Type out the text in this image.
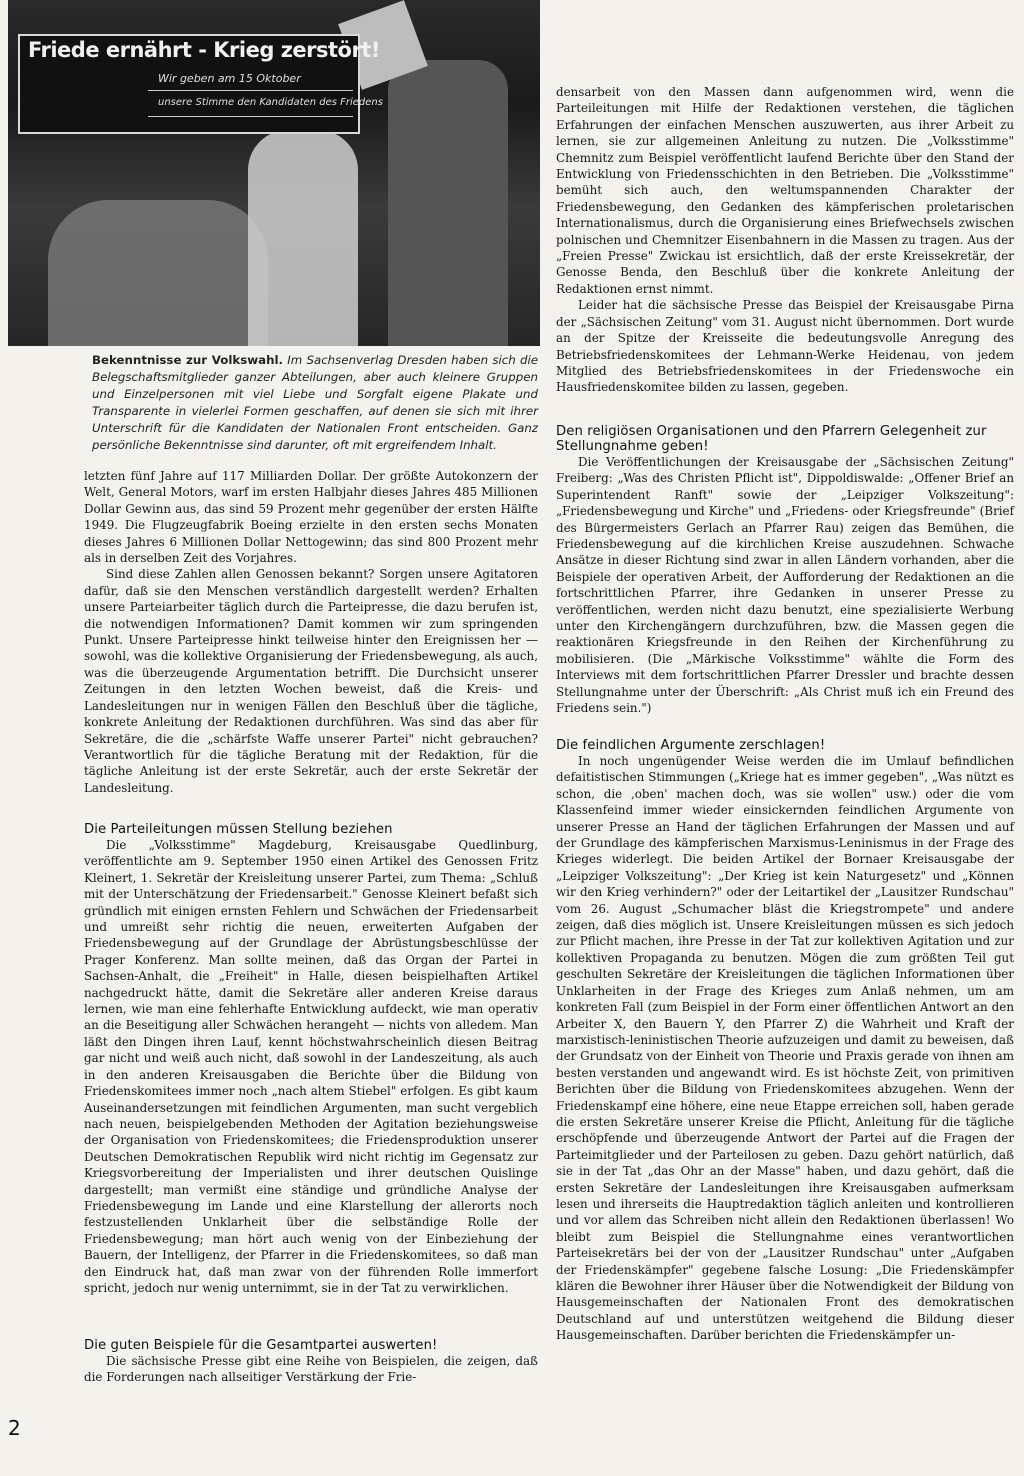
Friede ernährt - Krieg zerstört!
Wir geben am 15 Oktober
unsere Stimme den Kandidaten des Friedens
Bekenntnisse zur Volkswahl. Im Sachsenverlag Dresden haben sich die Belegschaftsmitglieder ganzer Abteilungen, aber auch kleinere Gruppen und Einzelpersonen mit viel Liebe und Sorgfalt eigene Plakate und Transparente in vielerlei Formen geschaffen, auf denen sie sich mit ihrer Unterschrift für die Kandidaten der Nationalen Front entscheiden. Ganz persönliche Bekenntnisse sind darunter, oft mit ergreifendem Inhalt.

letzten fünf Jahre auf 117 Milliarden Dollar. Der größte Autokonzern der Welt, General Motors, warf im ersten Halbjahr dieses Jahres 485 Millionen Dollar Gewinn aus, das sind 59 Prozent mehr gegenüber der ersten Hälfte 1949. Die Flugzeugfabrik Boeing erzielte in den ersten sechs Monaten dieses Jahres 6 Millionen Dollar Nettogewinn; das sind 800 Prozent mehr als in derselben Zeit des Vorjahres.

Sind diese Zahlen allen Genossen bekannt? Sorgen unsere Agitatoren dafür, daß sie den Menschen verständlich dargestellt werden? Erhalten unsere Parteiarbeiter täglich durch die Parteipresse, die dazu berufen ist, die notwendigen Informationen? Damit kommen wir zum springenden Punkt. Unsere Parteipresse hinkt teilweise hinter den Ereignissen her — sowohl, was die kollektive Organisierung der Friedensbewegung, als auch, was die überzeugende Argumentation betrifft. Die Durchsicht unserer Zeitungen in den letzten Wochen beweist, daß die Kreis- und Landesleitungen nur in wenigen Fällen den Beschluß über die tägliche, konkrete Anleitung der Redaktionen durchführen. Was sind das aber für Sekretäre, die die „schärfste Waffe unserer Partei" nicht gebrauchen? Verantwortlich für die tägliche Beratung mit der Redaktion, für die tägliche Anleitung ist der erste Sekretär, auch der erste Sekretär der Landesleitung.

Die Parteileitungen müssen Stellung beziehen

Die „Volksstimme" Magdeburg, Kreisausgabe Quedlinburg, veröffentlichte am 9. September 1950 einen Artikel des Genossen Fritz Kleinert, 1. Sekretär der Kreisleitung unserer Partei, zum Thema: „Schluß mit der Unterschätzung der Friedensarbeit." Genosse Kleinert befaßt sich gründlich mit einigen ernsten Fehlern und Schwächen der Friedensarbeit und umreißt sehr richtig die neuen, erweiterten Aufgaben der Friedensbewegung auf der Grundlage der Abrüstungsbeschlüsse der Prager Konferenz. Man sollte meinen, daß das Organ der Partei in Sachsen-Anhalt, die „Freiheit" in Halle, diesen beispielhaften Artikel nachgedruckt hätte, damit die Sekretäre aller anderen Kreise daraus lernen, wie man eine fehlerhafte Entwicklung aufdeckt, wie man operativ an die Beseitigung aller Schwächen herangeht — nichts von alledem. Man läßt den Dingen ihren Lauf, kennt höchstwahrscheinlich diesen Beitrag gar nicht und weiß auch nicht, daß sowohl in der Landeszeitung, als auch in den anderen Kreisausgaben die Berichte über die Bildung von Friedenskomitees immer noch „nach altem Stiebel" erfolgen. Es gibt kaum Auseinandersetzungen mit feindlichen Argumenten, man sucht vergeblich nach neuen, beispielgebenden Methoden der Agitation beziehungsweise der Organisation von Friedenskomitees; die Friedensproduktion unserer Deutschen Demokratischen Republik wird nicht richtig im Gegensatz zur Kriegsvorbereitung der Imperialisten und ihrer deutschen Quislinge dargestellt; man vermißt eine ständige und gründliche Analyse der Friedensbewegung im Lande und eine Klarstellung der allerorts noch festzustellenden Unklarheit über die selbständige Rolle der Friedensbewegung; man hört auch wenig von der Einbeziehung der Bauern, der Intelligenz, der Pfarrer in die Friedenskomitees, so daß man den Eindruck hat, daß man zwar von der führenden Rolle immerfort spricht, jedoch nur wenig unternimmt, sie in der Tat zu verwirklichen.

Die guten Beispiele für die Gesamtpartei auswerten!

Die sächsische Presse gibt eine Reihe von Beispielen, die zeigen, daß die Forderungen nach allseitiger Verstärkung der Frie-

densarbeit von den Massen dann aufgenommen wird, wenn die Parteileitungen mit Hilfe der Redaktionen verstehen, die täglichen Erfahrungen der einfachen Menschen auszuwerten, aus ihrer Arbeit zu lernen, sie zur allgemeinen Anleitung zu nutzen. Die „Volksstimme" Chemnitz zum Beispiel veröffentlicht laufend Berichte über den Stand der Entwicklung von Friedensschichten in den Betrieben. Die „Volksstimme" bemüht sich auch, den weltumspannenden Charakter der Friedensbewegung, den Gedanken des kämpferischen proletarischen Internationalismus, durch die Organisierung eines Briefwechsels zwischen polnischen und Chemnitzer Eisenbahnern in die Massen zu tragen. Aus der „Freien Presse" Zwickau ist ersichtlich, daß der erste Kreissekretär, der Genosse Benda, den Beschluß über die konkrete Anleitung der Redaktionen ernst nimmt.

Leider hat die sächsische Presse das Beispiel der Kreisausgabe Pirna der „Sächsischen Zeitung" vom 31. August nicht übernommen. Dort wurde an der Spitze der Kreisseite die bedeutungsvolle Anregung des Betriebsfriedenskomitees der Lehmann-Werke Heidenau, von jedem Mitglied des Betriebsfriedenskomitees in der Friedenswoche ein Hausfriedenskomitee bilden zu lassen, gegeben.

Den religiösen Organisationen und den Pfarrern Gelegenheit zur Stellungnahme geben!

Die Veröffentlichungen der Kreisausgabe der „Sächsischen Zeitung" Freiberg: „Was des Christen Pflicht ist", Dippoldiswalde: „Offener Brief an Superintendent Ranft" sowie der „Leipziger Volkszeitung": „Friedensbewegung und Kirche" und „Friedens- oder Kriegsfreunde" (Brief des Bürgermeisters Gerlach an Pfarrer Rau) zeigen das Bemühen, die Friedensbewegung auf die kirchlichen Kreise auszudehnen. Schwache Ansätze in dieser Richtung sind zwar in allen Ländern vorhanden, aber die Beispiele der operativen Arbeit, der Aufforderung der Redaktionen an die fortschrittlichen Pfarrer, ihre Gedanken in unserer Presse zu veröffentlichen, werden nicht dazu benutzt, eine spezialisierte Werbung unter den Kirchengängern durchzuführen, bzw. die Massen gegen die reaktionären Kriegsfreunde in den Reihen der Kirchenführung zu mobilisieren. (Die „Märkische Volksstimme" wählte die Form des Interviews mit dem fortschrittlichen Pfarrer Dressler und brachte dessen Stellungnahme unter der Überschrift: „Als Christ muß ich ein Freund des Friedens sein.")

Die feindlichen Argumente zerschlagen!

In noch ungenügender Weise werden die im Umlauf befindlichen defaitistischen Stimmungen („Kriege hat es immer gegeben", „Was nützt es schon, die ‚oben' machen doch, was sie wollen" usw.) oder die vom Klassenfeind immer wieder einsickernden feindlichen Argumente von unserer Presse an Hand der täglichen Erfahrungen der Massen und auf der Grundlage des kämpferischen Marxismus-Leninismus in der Frage des Krieges widerlegt. Die beiden Artikel der Bornaer Kreisausgabe der „Leipziger Volkszeitung": „Der Krieg ist kein Naturgesetz" und „Können wir den Krieg verhindern?" oder der Leitartikel der „Lausitzer Rundschau" vom 26. August „Schumacher bläst die Kriegstrompete" und andere zeigen, daß dies möglich ist. Unsere Kreisleitungen müssen es sich jedoch zur Pflicht machen, ihre Presse in der Tat zur kollektiven Agitation und zur kollektiven Propaganda zu benutzen. Mögen die zum größten Teil gut geschulten Sekretäre der Kreisleitungen die täglichen Informationen über Unklarheiten in der Frage des Krieges zum Anlaß nehmen, um am konkreten Fall (zum Beispiel in der Form einer öffentlichen Antwort an den Arbeiter X, den Bauern Y, den Pfarrer Z) die Wahrheit und Kraft der marxistisch-leninistischen Theorie aufzuzeigen und damit zu beweisen, daß der Grundsatz von der Einheit von Theorie und Praxis gerade von ihnen am besten verstanden und angewandt wird. Es ist höchste Zeit, von primitiven Berichten über die Bildung von Friedenskomitees abzugehen. Wenn der Friedenskampf eine höhere, eine neue Etappe erreichen soll, haben gerade die ersten Sekretäre unserer Kreise die Pflicht, Anleitung für die tägliche erschöpfende und überzeugende Antwort der Partei auf die Fragen der Parteimitglieder und der Parteilosen zu geben. Dazu gehört natürlich, daß sie in der Tat „das Ohr an der Masse" haben, und dazu gehört, daß die ersten Sekretäre der Landesleitungen ihre Kreisausgaben aufmerksam lesen und ihrerseits die Hauptredaktion täglich anleiten und kontrollieren und vor allem das Schreiben nicht allein den Redaktionen überlassen! Wo bleibt zum Beispiel die Stellungnahme eines verantwortlichen Parteisekretärs bei der von der „Lausitzer Rundschau" unter „Aufgaben der Friedenskämpfer" gegebene falsche Losung: „Die Friedenskämpfer klären die Bewohner ihrer Häuser über die Notwendigkeit der Bildung von Hausgemeinschaften der Nationalen Front des demokratischen Deutschland auf und unterstützen weitgehend die Bildung dieser Hausgemeinschaften. Darüber berichten die Friedenskämpfer un-

2
